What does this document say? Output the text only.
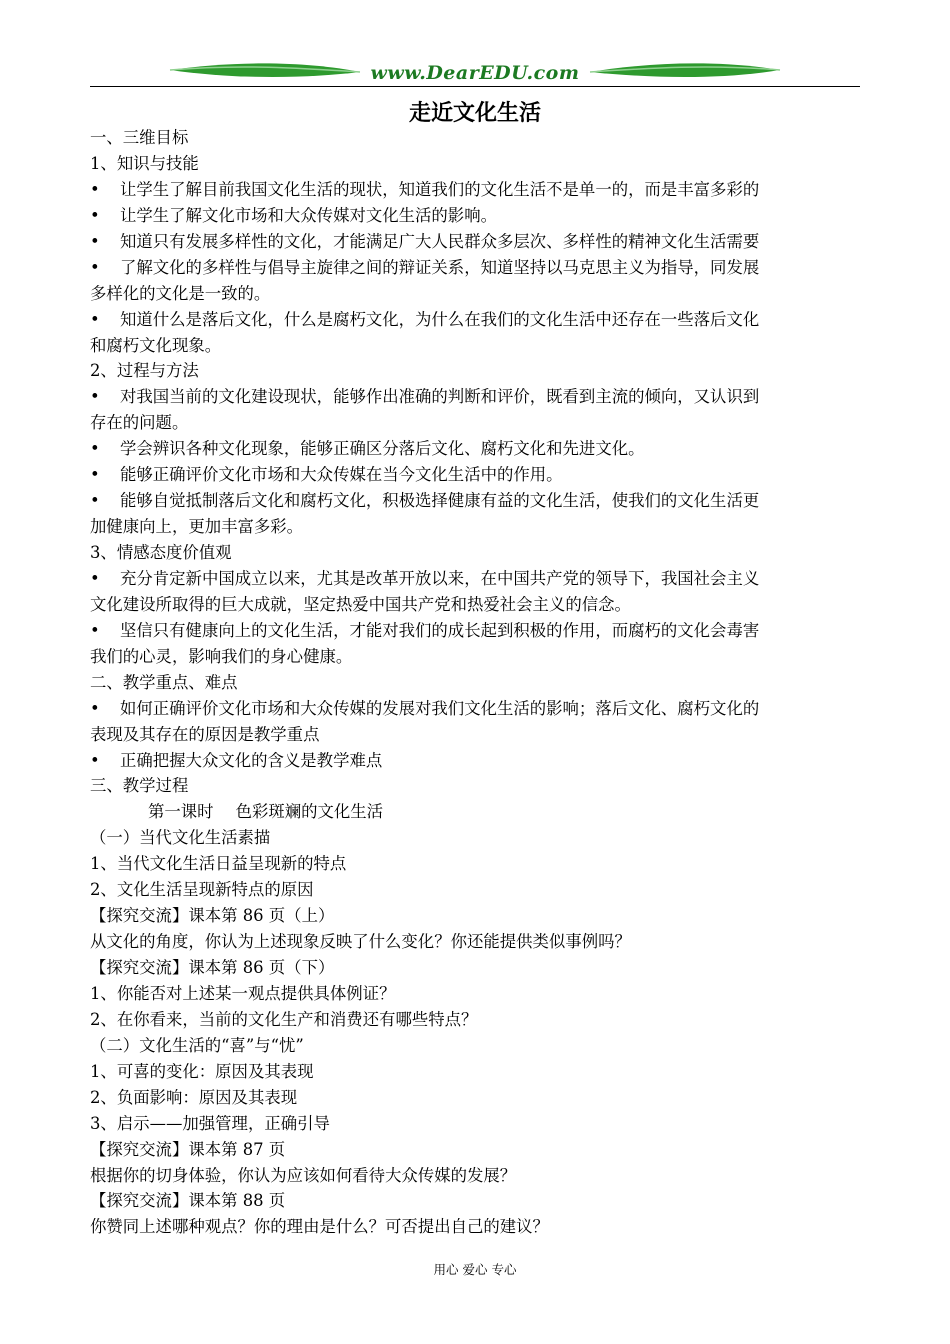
www.DearEDU.com
走近文化生活
一、三维目标
1、知识与技能
• 让学生了解目前我国文化生活的现状，知道我们的文化生活不是单一的，而是丰富多彩的
• 让学生了解文化市场和大众传媒对文化生活的影响。
• 知道只有发展多样性的文化，才能满足广大人民群众多层次、多样性的精神文化生活需要
• 了解文化的多样性与倡导主旋律之间的辩证关系，知道坚持以马克思主义为指导，同发展
多样化的文化是一致的。
• 知道什么是落后文化，什么是腐朽文化，为什么在我们的文化生活中还存在一些落后文化
和腐朽文化现象。
2、过程与方法
• 对我国当前的文化建设现状，能够作出准确的判断和评价，既看到主流的倾向，又认识到
存在的问题。
• 学会辨识各种文化现象，能够正确区分落后文化、腐朽文化和先进文化。
• 能够正确评价文化市场和大众传媒在当今文化生活中的作用。
• 能够自觉抵制落后文化和腐朽文化，积极选择健康有益的文化生活，使我们的文化生活更
加健康向上，更加丰富多彩。
3、情感态度价值观
• 充分肯定新中国成立以来，尤其是改革开放以来，在中国共产党的领导下，我国社会主义
文化建设所取得的巨大成就，坚定热爱中国共产党和热爱社会主义的信念。
• 坚信只有健康向上的文化生活，才能对我们的成长起到积极的作用，而腐朽的文化会毒害
我们的心灵，影响我们的身心健康。
二、教学重点、难点
• 如何正确评价文化市场和大众传媒的发展对我们文化生活的影响；落后文化、腐朽文化的
表现及其存在的原因是教学重点
• 正确把握大众文化的含义是教学难点
三、教学过程
第一课时 色彩斑斓的文化生活
（一）当代文化生活素描
1、当代文化生活日益呈现新的特点
2、文化生活呈现新特点的原因
【探究交流】课本第 86 页（上）
从文化的角度，你认为上述现象反映了什么变化？你还能提供类似事例吗？
【探究交流】课本第 86 页（下）
1、你能否对上述某一观点提供具体例证？
2、在你看来，当前的文化生产和消费还有哪些特点？
（二）文化生活的“喜”与“忧”
1、可喜的变化：原因及其表现
2、负面影响：原因及其表现
3、启示——加强管理，正确引导
【探究交流】课本第 87 页
根据你的切身体验，你认为应该如何看待大众传媒的发展？
【探究交流】课本第 88 页
你赞同上述哪种观点？你的理由是什么？可否提出自己的建议？
用心 爱心 专心
